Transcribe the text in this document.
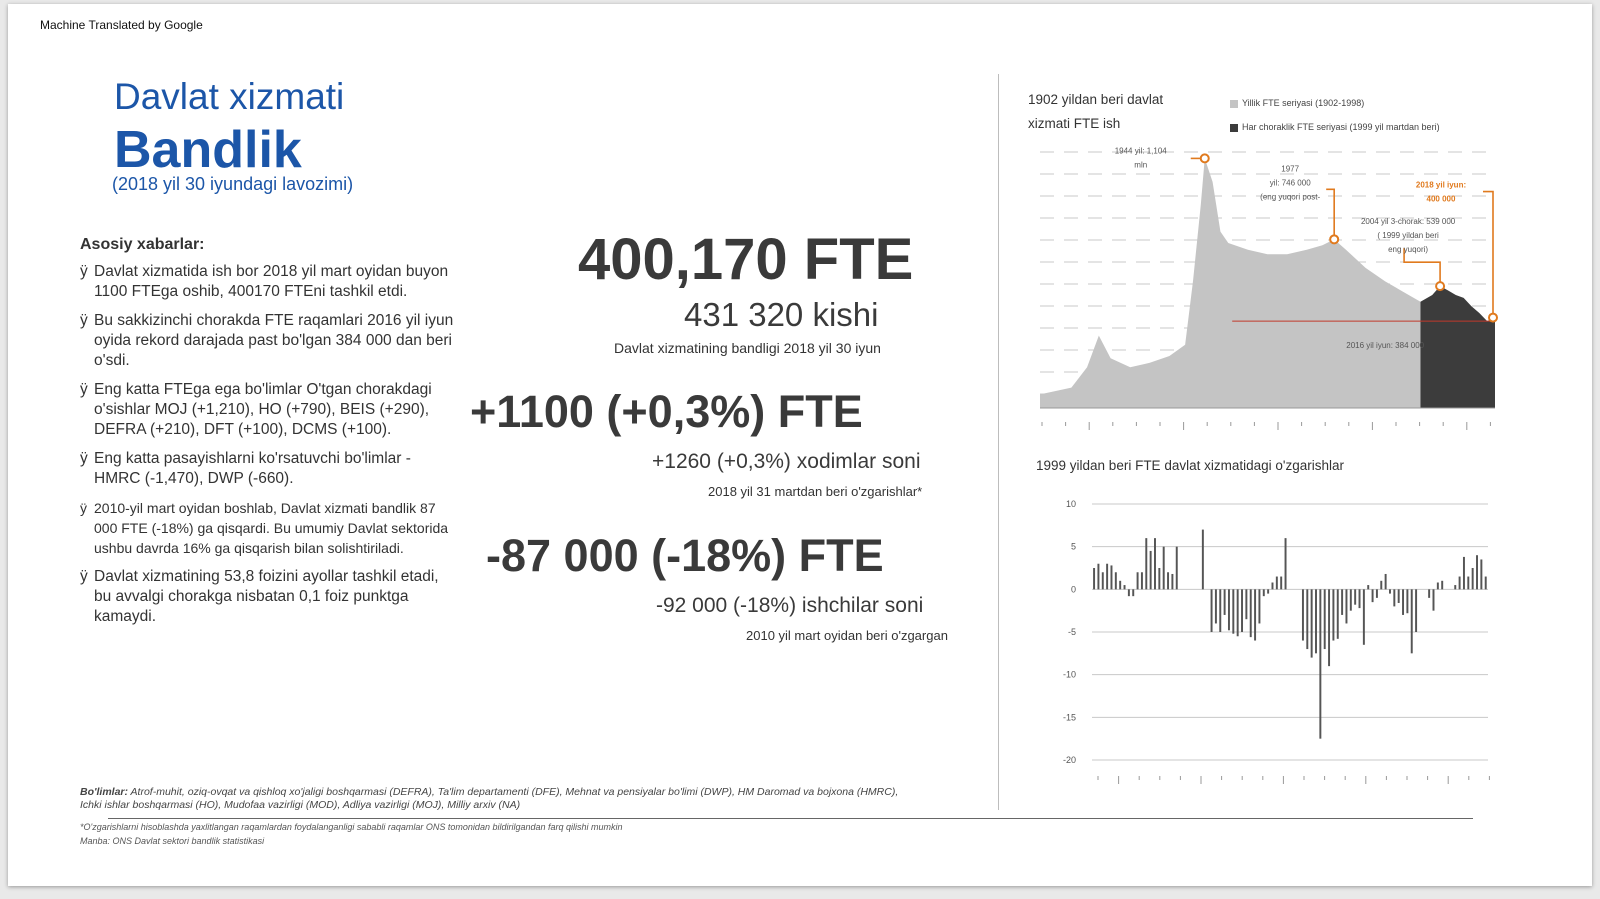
Machine Translated by Google
Davlat xizmati
Bandlik
(2018 yil 30 iyundagi lavozimi)
Asosiy xabarlar:
ÿ Davlat xizmatida ish bor 2018 yil mart oyidan buyon 1100 FTEga oshib, 400170 FTEni tashkil etdi.
ÿ Bu sakkizinchi chorakda FTE raqamlari 2016 yil iyun oyida rekord darajada past bo'lgan 384 000 dan beri o'sdi.
ÿ Eng katta FTEga ega bo'limlar O'tgan chorakdagi o'sishlar MOJ (+1,210), HO (+790), BEIS (+290), DEFRA (+210), DFT (+100), DCMS (+100).
ÿ Eng katta pasayishlarni ko'rsatuvchi bo'limlar - HMRC (-1,470), DWP (-660).
ÿ 2010-yil mart oyidan boshlab, Davlat xizmati bandlik 87 000 FTE (-18%) ga qisqardi. Bu umumiy Davlat sektorida ushbu davrda 16% ga qisqarish bilan solishtiriladi.
ÿ Davlat xizmatining 53,8 foizini ayollar tashkil etadi, bu avvalgi chorakga nisbatan 0,1 foiz punktga kamaydi.
400,170 FTE
431 320 kishi
Davlat xizmatining bandligi 2018 yil 30 iyun
+1100 (+0,3%) FTE
+1260 (+0,3%) xodimlar soni
2018 yil 31 martdan beri o'zgarishlar*
-87 000 (-18%) FTE
-92 000 (-18%) ishchilar soni
2010 yil mart oyidan beri o'zgargan
1902 yildan beri davlat
xizmati FTE ish
Yillik FTE seriyasi (1902-1998)
Har choraklik FTE seriyasi (1999 yil martdan beri)
2016 yil iyun: 384 000
1944 yil: 1,104
mln	1977
yil: 746 000
(eng yuqori post-
2004 yil 3-chorak: 539 000
( 1999 yildan beri
eng yuqori)
2018 yil iyun:
400 000
1999 yildan beri FTE davlat xizmatidagi o'zgarishlar
10
5
0
-5
-10
-15
-20
Bo'limlar: Atrof-muhit, oziq-ovqat va qishloq xo'jaligi boshqarmasi (DEFRA), Ta'lim departamenti (DFE), Mehnat va pensiyalar bo'limi (DWP), HM Daromad va bojxona (HMRC), Ichki ishlar boshqarmasi (HO), Mudofaa vazirligi (MOD), Adliya vazirligi (MOJ), Milliy arxiv (NA)
*O'zgarishlarni hisoblashda yaxlitlangan raqamlardan foydalanganligi sababli raqamlar ONS tomonidan bildirilgandan farq qilishi mumkin
Manba: ONS Davlat sektori bandlik statistikasi
